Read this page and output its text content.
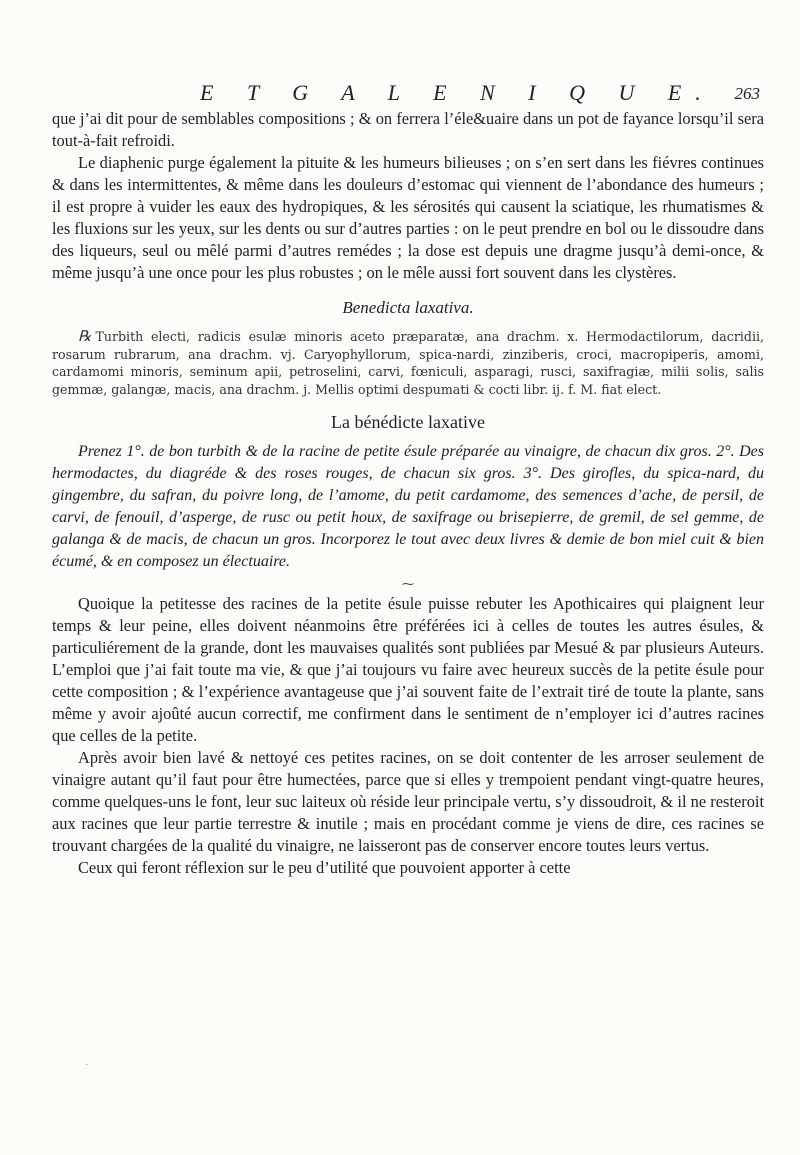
E T G A L E N I Q U E. 263

que j’ai dit pour de semblables compositions ; & on ferrera l’éle&uaire dans un pot de fayance lorsqu’il sera tout-à-fait refroidi.

Le diaphenic purge également la pituite & les humeurs bilieuses ; on s’en sert dans les fiévres continues & dans les intermittentes, & même dans les douleurs d’estomac qui viennent de l’abondance des humeurs ; il est propre à vuider les eaux des hydropiques, & les sérosités qui causent la sciatique, les rhumatismes & les fluxions sur les yeux, sur les dents ou sur d’autres parties : on le peut prendre en bol ou le dissoudre dans des liqueurs, seul ou mêlé parmi d’autres remédes ; la dose est depuis une dragme jusqu’à demi-once, & même jusqu’à une once pour les plus robustes ; on le mêle aussi fort souvent dans les clystères.

Benedicta laxativa.

℞ Turbith electi, radicis esulæ minoris aceto præparatæ, ana drachm. x. Hermodactilorum, dacridii, rosarum rubrarum, ana drachm. vj. Caryophyllorum, spica-nardi, zinziberis, croci, macropiperis, amomi, cardamomi minoris, seminum apii, petroselini, carvi, fœniculi, asparagi, rusci, saxifragiæ, milii solis, salis gemmæ, galangæ, macis, ana drachm. j. Mellis optimi despumati & cocti libr. ij. f. M. fiat elect.

La bénédicte laxative

Prenez 1°. de bon turbith & de la racine de petite ésule préparée au vinaigre, de chacun dix gros. 2°. Des hermodactes, du diagréde & des roses rouges, de chacun six gros. 3°. Des girofles, du spica-nard, du gingembre, du safran, du poivre long, de l’amome, du petit cardamome, des semences d’ache, de persil, de carvi, de fenouil, d’asperge, de rusc ou petit houx, de saxifrage ou brisepierre, de gremil, de sel gemme, de galanga & de macis, de chacun un gros. Incorporez le tout avec deux livres & demie de bon miel cuit & bien écumé, & en composez un électuaire.

⁓

Quoique la petitesse des racines de la petite ésule puisse rebuter les Apothicaires qui plaignent leur temps & leur peine, elles doivent néanmoins être préférées ici à celles de toutes les autres ésules, & particuliérement de la grande, dont les mauvaises qualités sont publiées par Mesué & par plusieurs Auteurs. L’emploi que j’ai fait toute ma vie, & que j’ai toujours vu faire avec heureux succès de la petite ésule pour cette composition ; & l’expérience avantageuse que j’ai souvent faite de l’extrait tiré de toute la plante, sans même y avoir ajoûté aucun correctif, me confirment dans le sentiment de n’employer ici d’autres racines que celles de la petite.

Après avoir bien lavé & nettoyé ces petites racines, on se doit contenter de les arroser seulement de vinaigre autant qu’il faut pour être humectées, parce que si elles y trempoient pendant vingt-quatre heures, comme quelques-uns le font, leur suc laiteux où réside leur principale vertu, s’y dissoudroit, & il ne resteroit aux racines que leur partie terrestre & inutile ; mais en procédant comme je viens de dire, ces racines se trouvant chargées de la qualité du vinaigre, ne laisseront pas de conserver encore toutes leurs vertus.

Ceux qui feront réflexion sur le peu d’utilité que pouvoient apporter à cette

·
